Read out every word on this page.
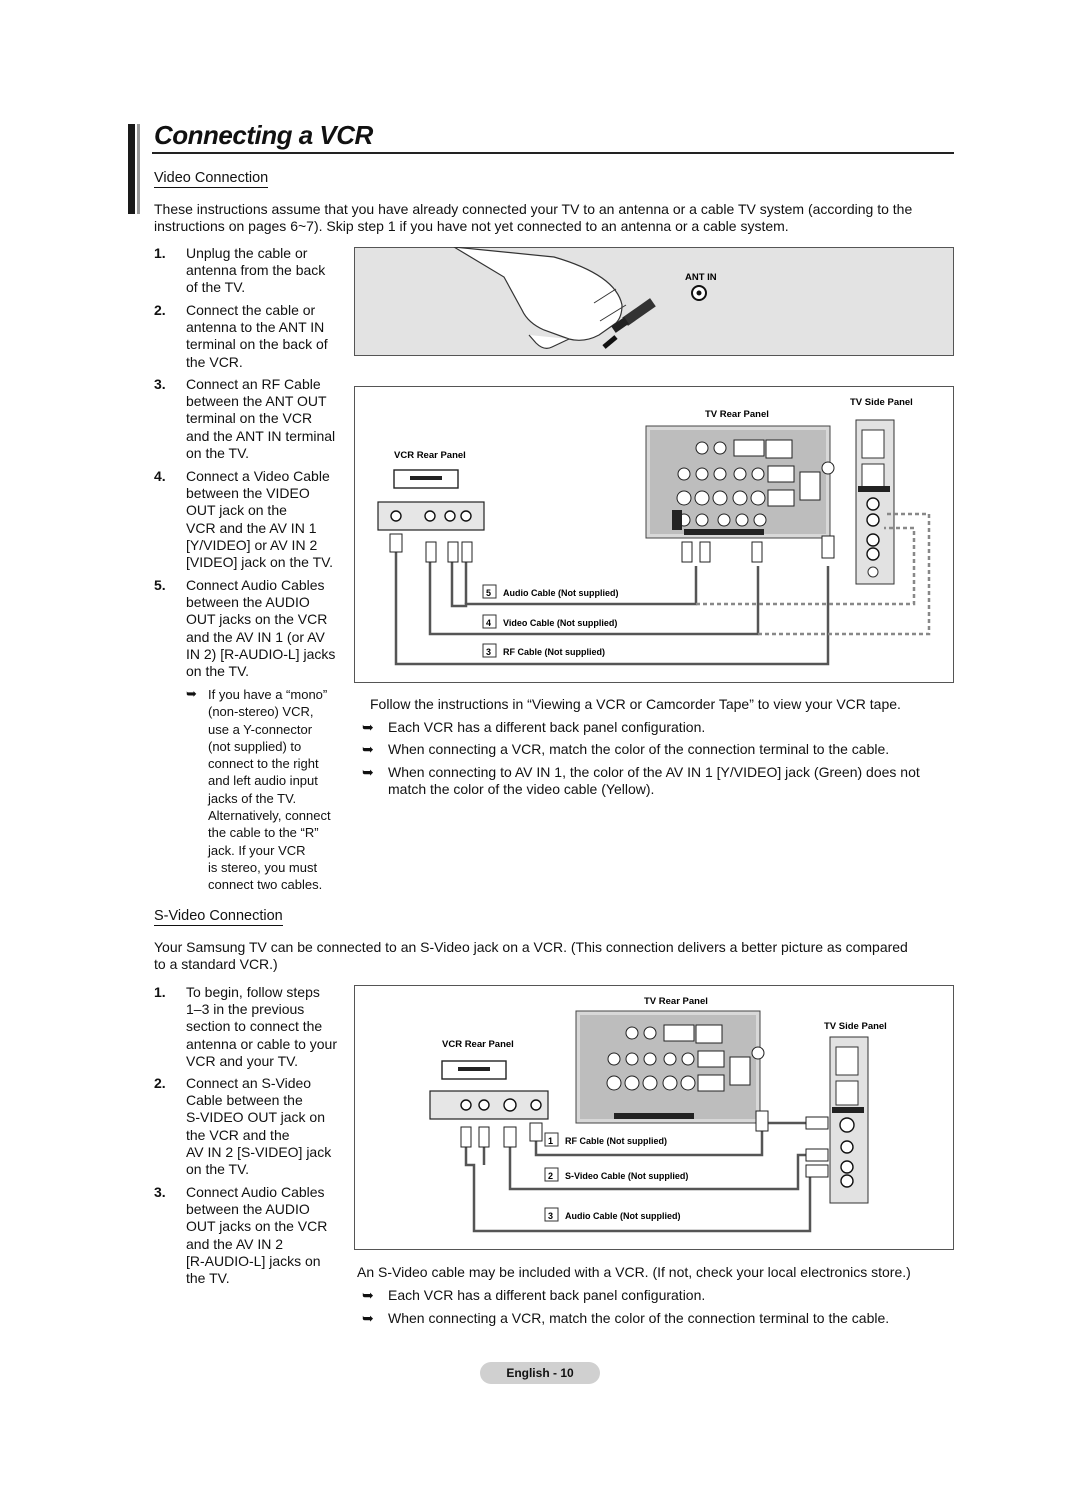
Connecting a VCR
Video Connection
These instructions assume that you have already connected your TV to an antenna or a cable TV system (according to the
instructions on pages 6~7). Skip step 1 if you have not yet connected to an antenna or a cable system.
1. Unplug the cable or
antenna from the back
of the TV.
2. Connect the cable or
antenna to the ANT IN
terminal on the back of
the VCR.
3. Connect an RF Cable
between the ANT OUT
terminal on the VCR
and the ANT IN terminal
on the TV.
4. Connect a Video Cable
between the VIDEO
OUT jack on the
VCR and the AV IN 1
[Y/VIDEO] or AV IN 2
[VIDEO] jack on the TV.
5. Connect Audio Cables
between the AUDIO
OUT jacks on the VCR
and the AV IN 1 (or AV
IN 2) [R-AUDIO-L] jacks
on the TV.
➥ If you have a “mono”
(non-stereo) VCR,
use a Y-connector
(not supplied) to
connect to the right
and left audio input
jacks of the TV.
Alternatively, connect
the cable to the “R”
jack. If your VCR
is stereo, you must
connect two cables.
ANT IN
TV Rear Panel
TV Side Panel
VCR Rear Panel
5 Audio Cable (Not supplied)
4 Video Cable (Not supplied)
3 RF Cable (Not supplied)
Follow the instructions in “Viewing a VCR or Camcorder Tape” to view your VCR tape.
➥ Each VCR has a different back panel configuration.
➥ When connecting a VCR, match the color of the connection terminal to the cable.
➥ When connecting to AV IN 1, the color of the AV IN 1 [Y/VIDEO] jack (Green) does not
match the color of the video cable (Yellow).
S-Video Connection
Your Samsung TV can be connected to an S-Video jack on a VCR. (This connection delivers a better picture as compared
to a standard VCR.)
1. To begin, follow steps
1–3 in the previous
section to connect the
antenna or cable to your
VCR and your TV.
2. Connect an S-Video
Cable between the
S-VIDEO OUT jack on
the VCR and the
AV IN 2 [S-VIDEO] jack
on the TV.
3. Connect Audio Cables
between the AUDIO
OUT jacks on the VCR
and the AV IN 2
[R-AUDIO-L] jacks on
the TV.
TV Rear Panel
TV Side Panel
VCR Rear Panel
1 RF Cable (Not supplied)
2 S-Video Cable (Not supplied)
3 Audio Cable (Not supplied)
An S-Video cable may be included with a VCR. (If not, check your local electronics store.)
➥ Each VCR has a different back panel configuration.
➥ When connecting a VCR, match the color of the connection terminal to the cable.
English - 10
